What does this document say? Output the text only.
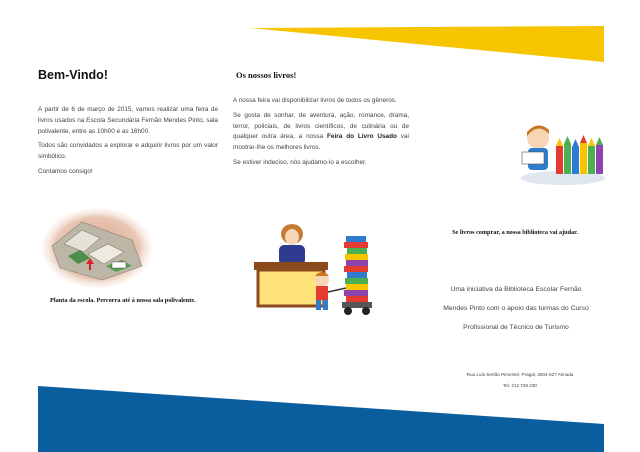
Bem-Vindo!

A partir de 6 de março de 2015, vamos realizar uma feira de livros usados na Escola Secundária Fernão Mendes Pinto, sala polivalente, entre as 10h00 e as 16h00.

Todos são convidados a explorar e adquirir livros por um valor simbólico.

Contamos consigo!

Planta da escola. Percorra até à nossa sala polivalente.
Os nossos livros!

A nossa feira vai disponibilizar livros de todos os gêneros.

Se gosta de sonhar, de aventura, ação, romance, drama, terror, policiais, de livros científicos, de culinária ou de qualquer outra área, a nossa Feira do Livro Usado vai mostrar-lhe os melhores livros.

Se estiver indeciso, nós ajudamo-lo a escolher.

Se livros comprar, a nossa biblioteca vai ajudar.
Uma iniciativa da Biblioteca Escolar Fernão
Mendes Pinto com o apoio das turmas do Curso
Profissional de Técnico de Turismo
Rua Luís Sertão Pimentel, Pragal, 2804-527 Almada
Tel. 212 736 230
